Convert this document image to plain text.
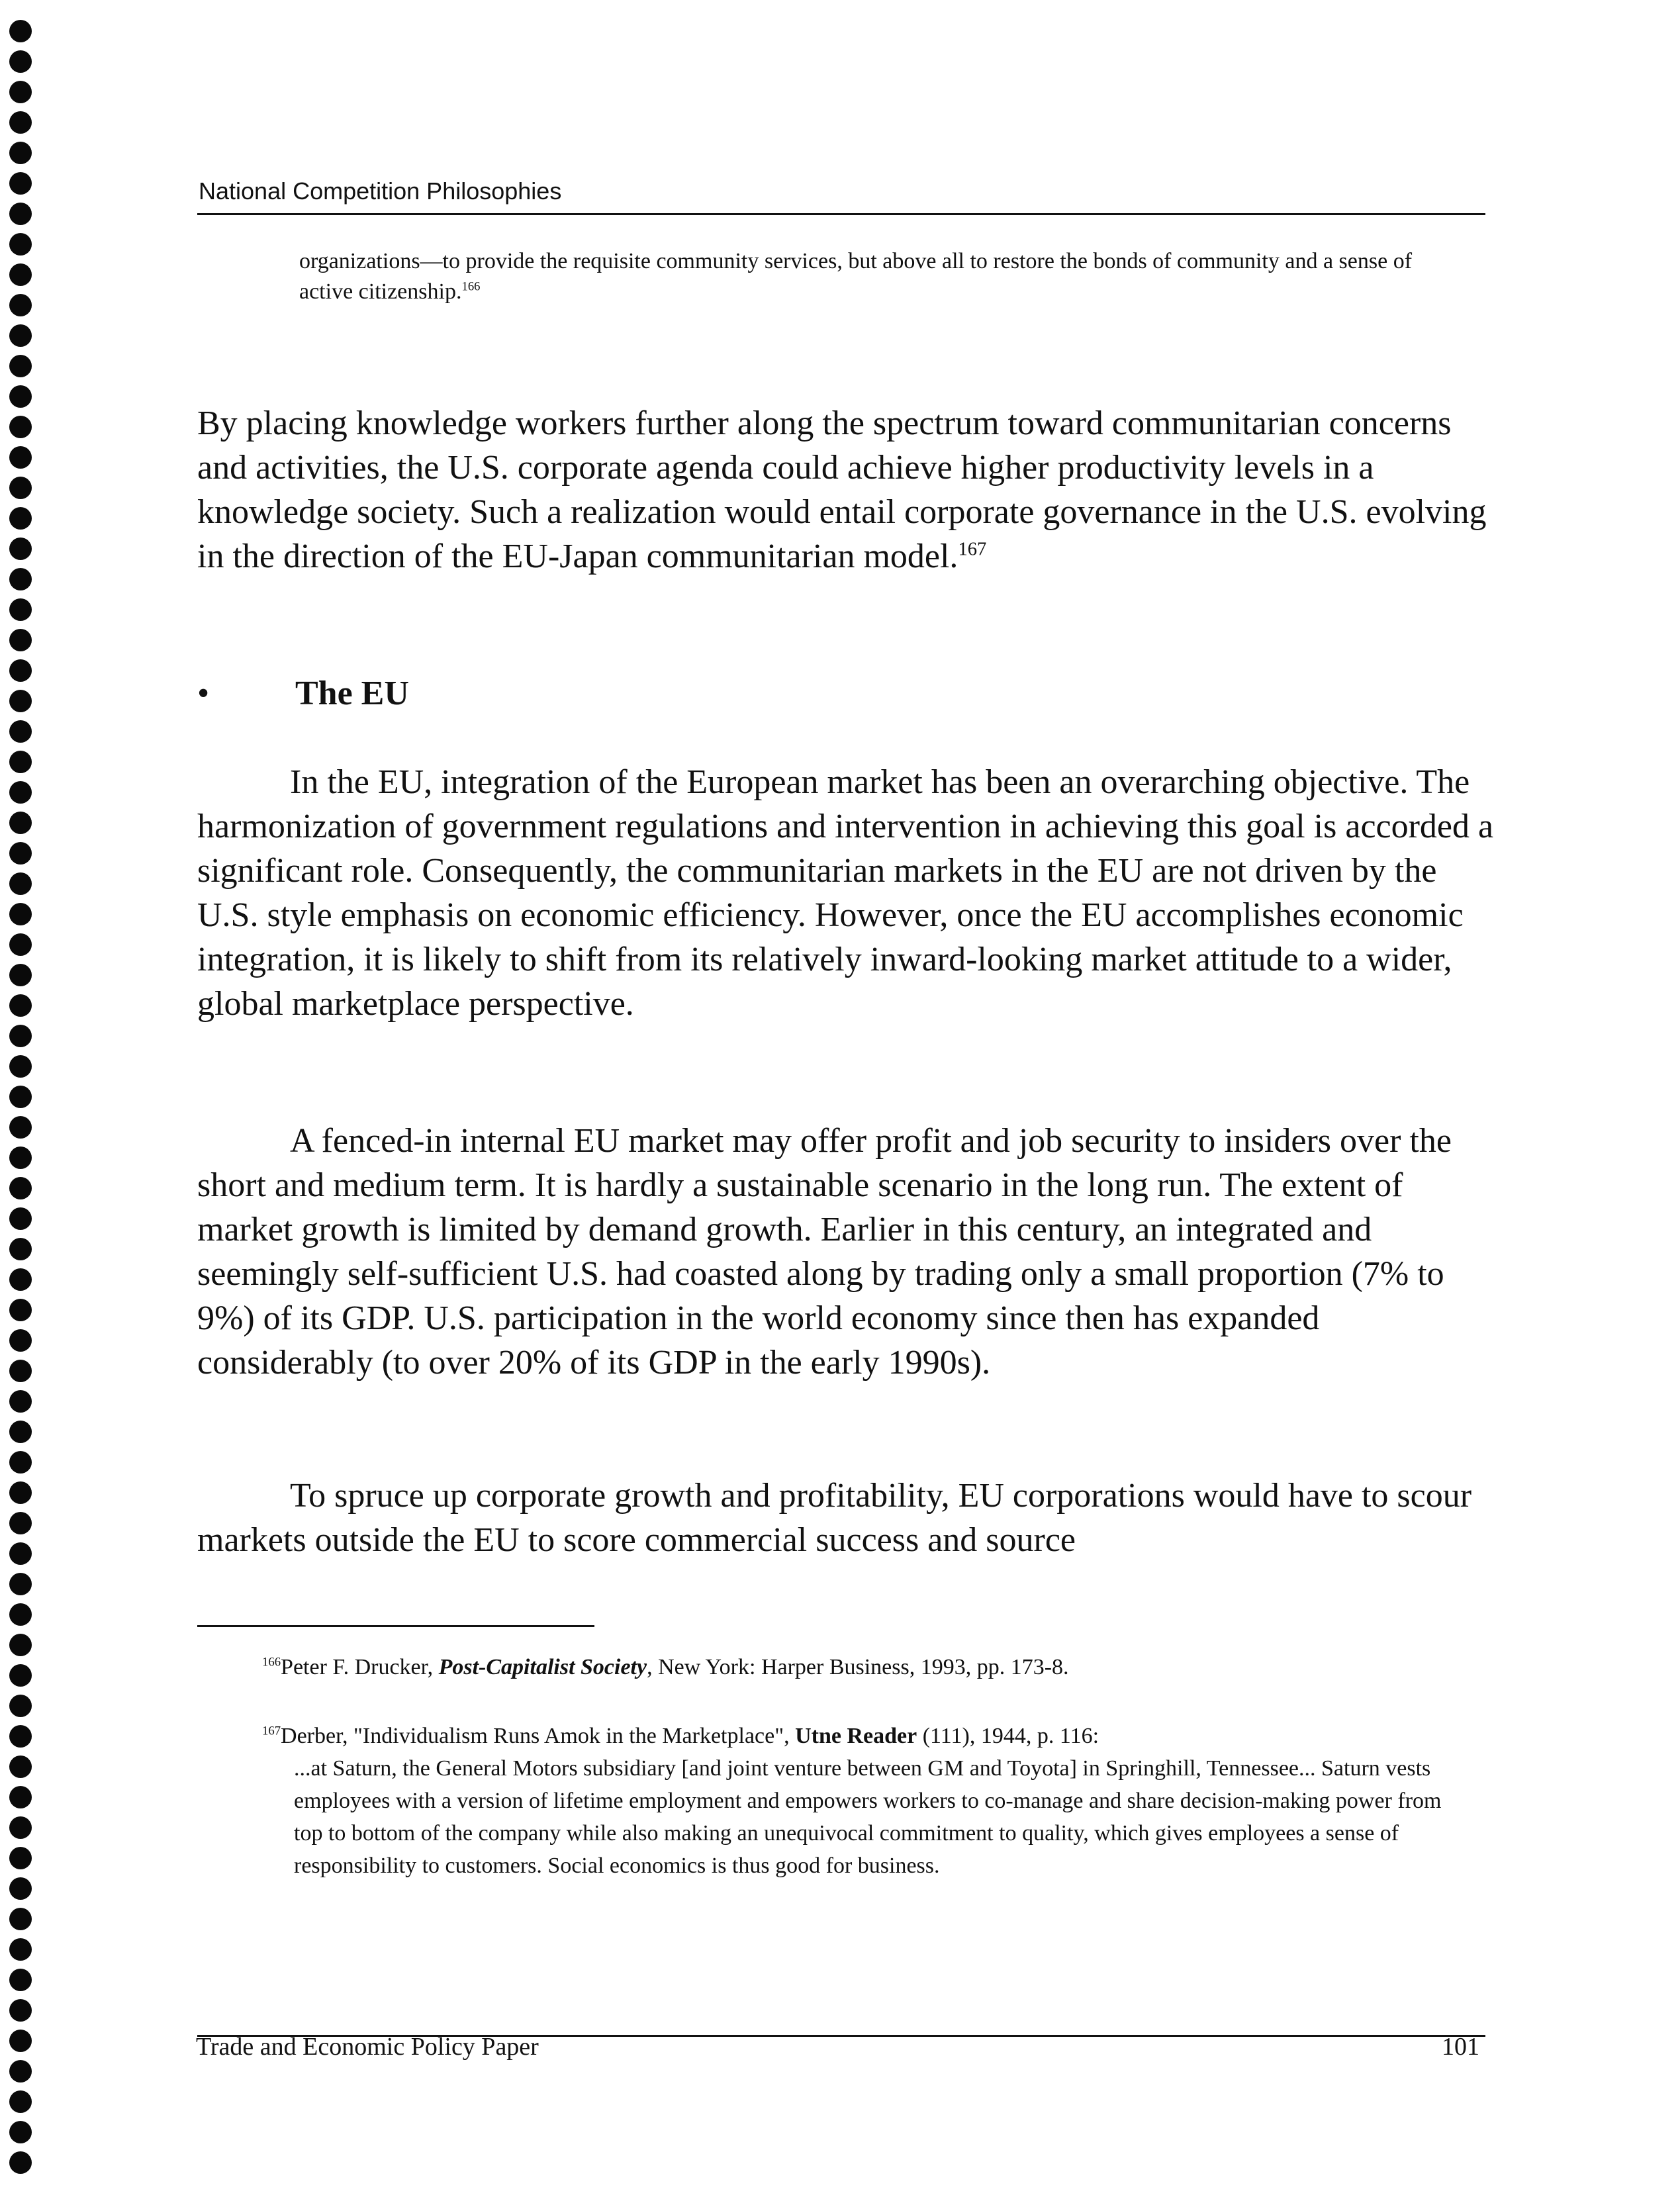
National Competition Philosophies
organizations—to provide the requisite community services, but above all to restore the bonds of community and a sense of active citizenship.$^{166}$
By placing knowledge workers further along the spectrum toward communitarian concerns and activities, the U.S. corporate agenda could achieve higher productivity levels in a knowledge society. Such a realization would entail corporate governance in the U.S. evolving in the direction of the EU-Japan communitarian model.$^{167}$
• The EU
In the EU, integration of the European market has been an overarching objective. The harmonization of government regulations and intervention in achieving this goal is accorded a significant role. Consequently, the communitarian markets in the EU are not driven by the U.S. style emphasis on economic efficiency. However, once the EU accomplishes economic integration, it is likely to shift from its relatively inward-looking market attitude to a wider, global marketplace perspective.
A fenced-in internal EU market may offer profit and job security to insiders over the short and medium term. It is hardly a sustainable scenario in the long run. The extent of market growth is limited by demand growth. Earlier in this century, an integrated and seemingly self-sufficient U.S. had coasted along by trading only a small proportion (7% to 9%) of its GDP. U.S. participation in the world economy since then has expanded considerably (to over 20% of its GDP in the early 1990s).
To spruce up corporate growth and profitability, EU corporations would have to scour markets outside the EU to score commercial success and source
$^{166}$Peter F. Drucker, Post-Capitalist Society, New York: Harper Business, 1993, pp. 173-8.
$^{167}$Derber, "Individualism Runs Amok in the Marketplace", Utne Reader (111), 1944, p. 116:
...at Saturn, the General Motors subsidiary [and joint venture between GM and Toyota] in Springhill, Tennessee... Saturn vests employees with a version of lifetime employment and empowers workers to co-manage and share decision-making power from top to bottom of the company while also making an unequivocal commitment to quality, which gives employees a sense of responsibility to customers. Social economics is thus good for business.
Trade and Economic Policy Paper	101
